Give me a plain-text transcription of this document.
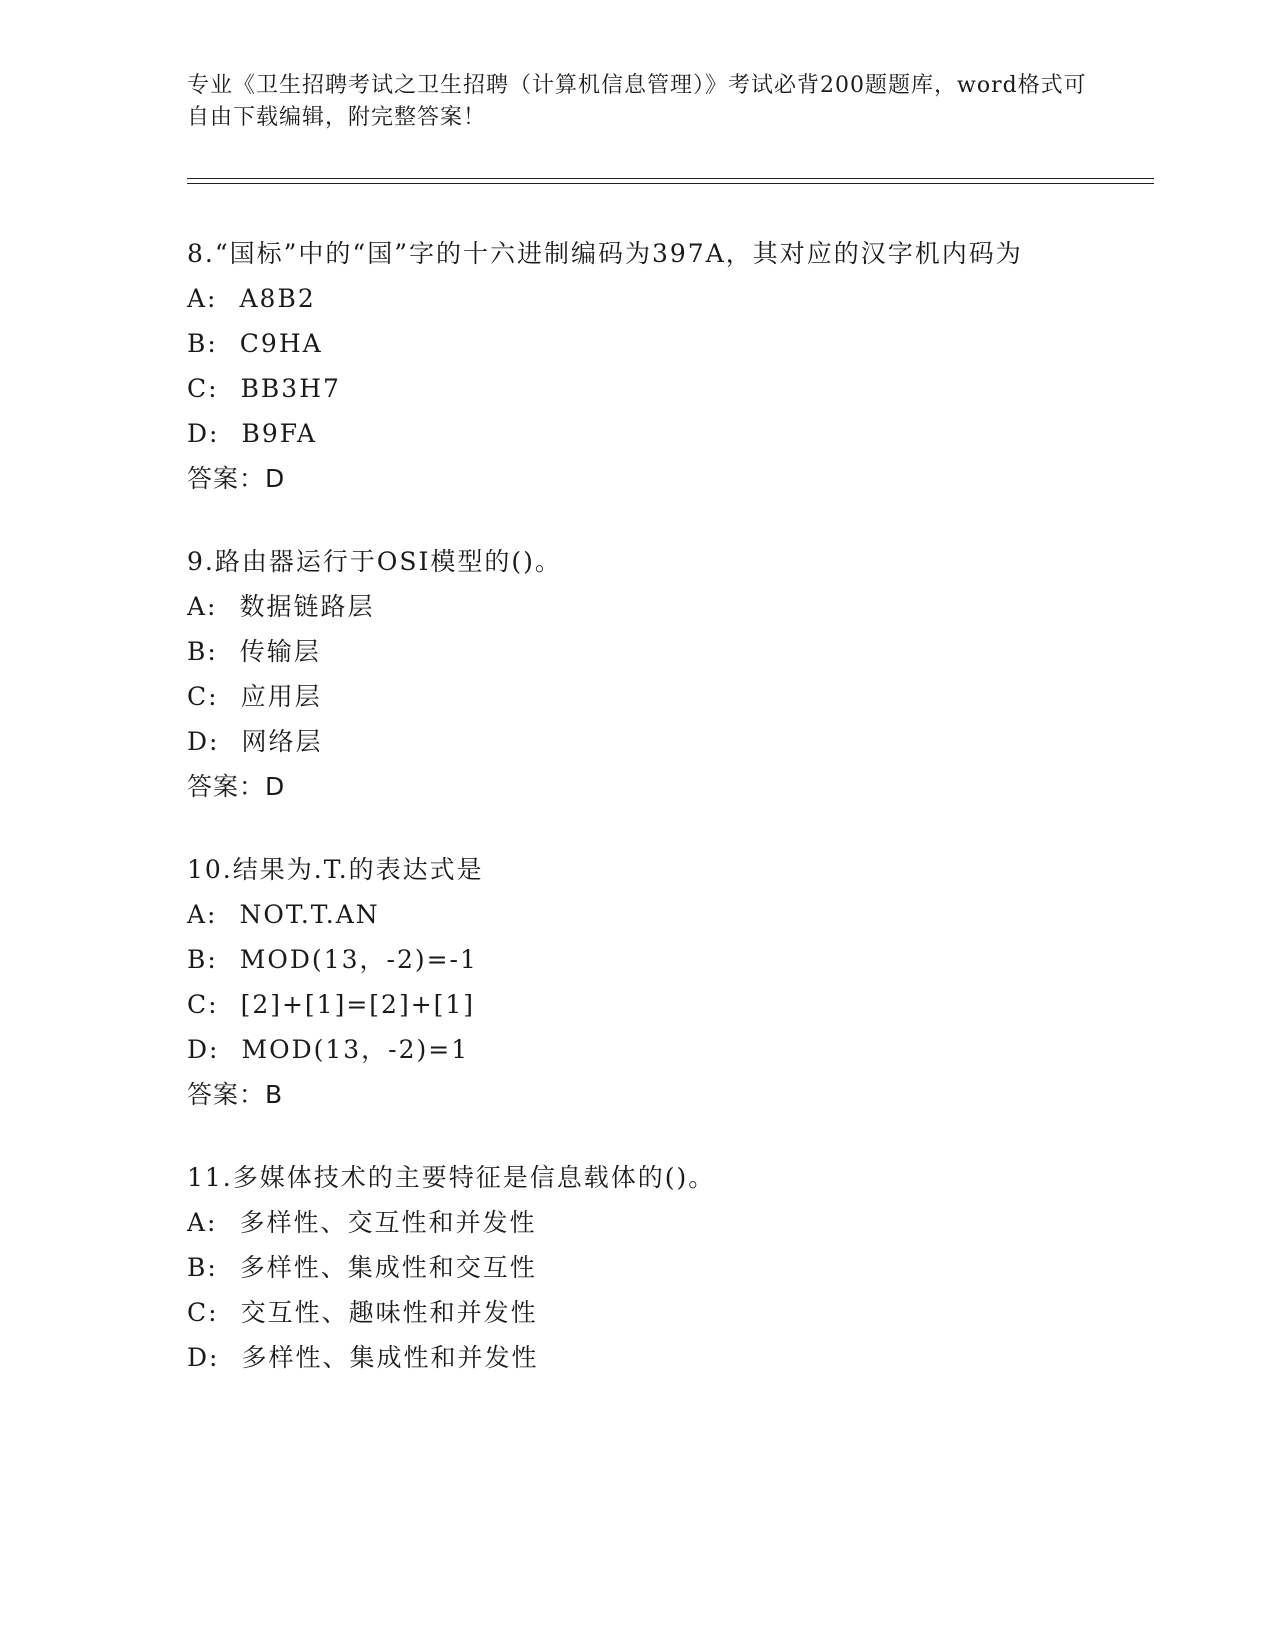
专业《卫生招聘考试之卫生招聘（计算机信息管理）》考试必背200题题库，word格式可自由下载编辑，附完整答案！
8.“国标”中的“国”字的十六进制编码为397A，其对应的汉字机内码为
A: A8B2
B: C9HA
C: BB3H7
D: B9FA
答案：D
9.路由器运行于OSI模型的()。
A: 数据链路层
B: 传输层
C: 应用层
D: 网络层
答案：D
10.结果为.T.的表达式是
A: NOT.T.AN
B: MOD(13，-2)=-1
C: [2]+[1]=[2]+[1]
D: MOD(13，-2)=1
答案：B
11.多媒体技术的主要特征是信息载体的()。
A: 多样性、交互性和并发性
B: 多样性、集成性和交互性
C: 交互性、趣味性和并发性
D: 多样性、集成性和并发性
